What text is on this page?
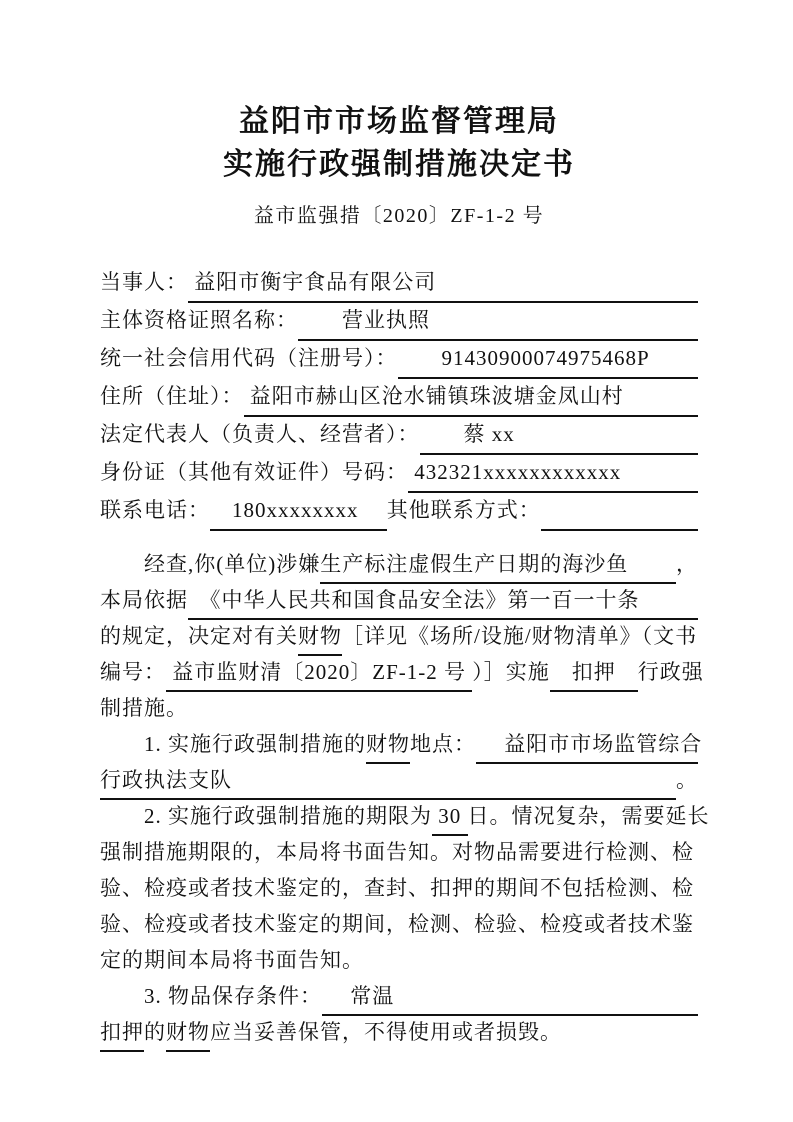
益阳市市场监督管理局
实施行政强制措施决定书
益市监强措〔2020〕ZF-1-2 号
当事人： 益阳市衡宇食品有限公司
主体资格证照名称： 　　营业执照
统一社会信用代码（注册号）： 　　91430900074975468P
住所（住址）： 益阳市赫山区沧水铺镇珠波塘金凤山村
法定代表人（负责人、经营者）： 　　蔡 xx
身份证（其他有效证件）号码： 432321xxxxxxxxxxxx
联系电话： 　180xxxxxxxx　 其他联系方式：
经查,你(单位)涉嫌 生产标注虚假生产日期的海沙鱼 ，
本局依据 　《中华人民共和国食品安全法》第一百一十条
的规定，决定对有关 财物 ［详见《场所/设施/财物清单》（文书
编号： 益市监财清〔2020〕ZF-1-2 号 ）］实施 　扣押　 行政强
制措施。
1. 实施行政强制措施的 财物 地点： 　 益阳市市场监管综合
行政执法支队	。
2. 实施行政强制措施的期限为 30 日。情况复杂，需要延长
强制措施期限的，本局将书面告知。对物品需要进行检测、检
验、检疫或者技术鉴定的，查封、扣押的期间不包括检测、检
验、检疫或者技术鉴定的期间，检测、检验、检疫或者技术鉴
定的期间本局将书面告知。
3. 物品保存条件： 　 常温
扣押 的 财物 应当妥善保管，不得使用或者损毁。
